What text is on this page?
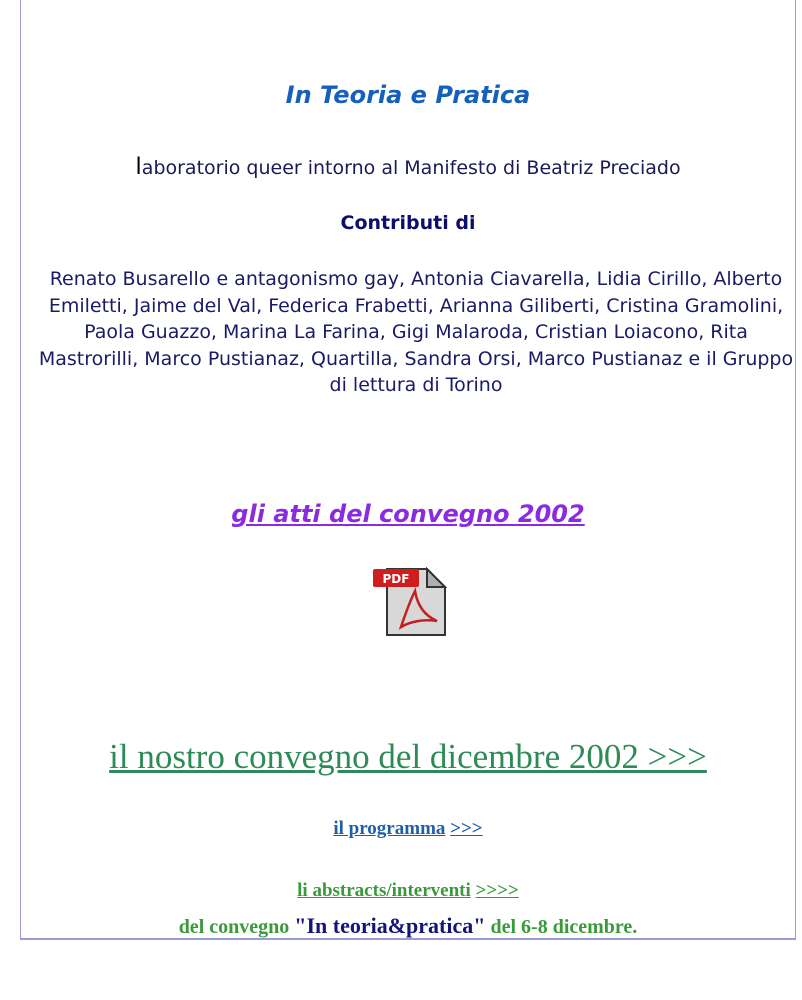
In Teoria e Pratica
laboratorio queer intorno al Manifesto di Beatriz Preciado
Contributi di
Renato Busarello e antagonismo gay, Antonia Ciavarella, Lidia Cirillo, Alberto Emiletti, Jaime del Val, Federica Frabetti, Arianna Giliberti, Cristina Gramolini, Paola Guazzo, Marina La Farina, Gigi Malaroda, Cristian Loiacono, Rita Mastrorilli, Marco Pustianaz, Quartilla, Sandra Orsi, Marco Pustianaz e il Gruppo di lettura di Torino
gli atti del convegno 2002
PDF
il nostro convegno del dicembre 2002 >>>
il programma >>>
li abstracts/interventi >>>>
del convegno "In teoria&pratica" del 6-8 dicembre.
